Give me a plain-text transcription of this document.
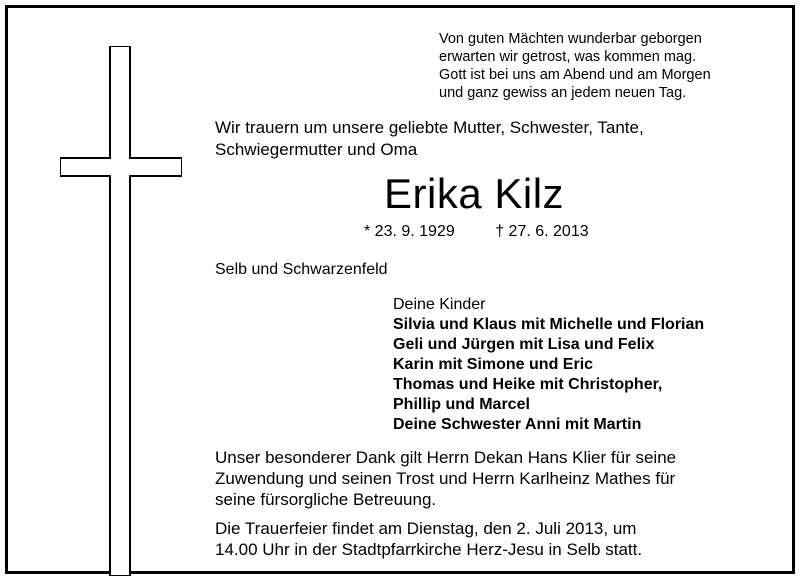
Von guten Mächten wunderbar geborgen
erwarten wir getrost, was kommen mag.
Gott ist bei uns am Abend und am Morgen
und ganz gewiss an jedem neuen Tag.
Wir trauern um unsere geliebte Mutter, Schwester, Tante,
Schwiegermutter und Oma
Erika Kilz
* 23. 9. 1929	† 27. 6. 2013
Selb und Schwarzenfeld
Deine Kinder
Silvia und Klaus mit Michelle und Florian
Geli und Jürgen mit Lisa und Felix
Karin mit Simone und Eric
Thomas und Heike mit Christopher,
Phillip und Marcel
Deine Schwester Anni mit Martin
Unser besonderer Dank gilt Herrn Dekan Hans Klier für seine
Zuwendung und seinen Trost und Herrn Karlheinz Mathes für
seine fürsorgliche Betreuung.
Die Trauerfeier findet am Dienstag, den 2. Juli 2013, um
14.00 Uhr in der Stadtpfarrkirche Herz-Jesu in Selb statt.
